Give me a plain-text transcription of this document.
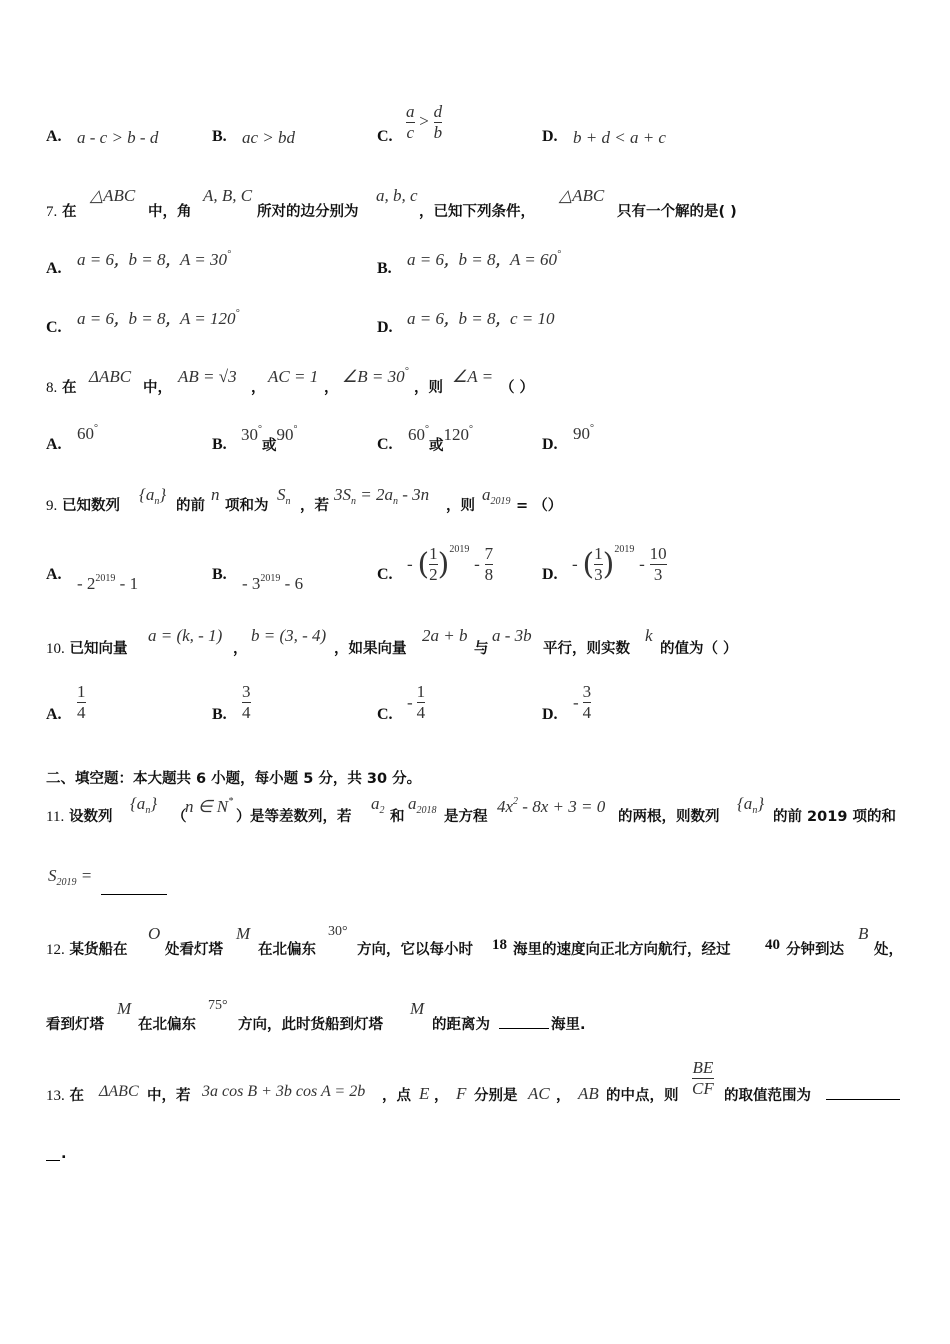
A. a - c > b - d	B. ac > bd	C. $\frac{a}{c} > \frac{d}{b}$	D. b + d < a + c
7. 在
△ABC
中，角
A, B, C
所对的边分别为
a, b, c
，已知下列条件，
△ABC
只有一个解的是( )
A. a = 6，b = 8，A = 30°
B. a = 6，b = 8，A = 60°
C. a = 6，b = 8，A = 120°
D. a = 6，b = 8，c = 10
8. 在
ΔABC
中，
AB = √3
，
AC = 1
，
∠B = 30°
，则
∠A =
（ ）
A.
60°
B.
30°或90°
C.
60°或120°
D.
90°
9. 已知数列
$\{a_n\}$
的前
n
项和为
$S_n$ ，若
$3S_n = 2a_n - 3n$
，则
$a_{2019}$ = （）
A. - $2^{2019} - 1$	B. - $3^{2019} - 6$	C.
- ( $\frac{1}{2} )^{2019} - \frac{7}{8}$	D.
- ( $\frac{1}{3} )^{2019} - \frac{10}{3}$
10. 已知向量
a = (k, - 1)
，
b = (3, - 4)
，如果向量
2a + b
与
a - 3b
平行，则实数
k
的值为（ ）
A. $\frac{1}{4}$	B. $\frac{3}{4}$	C.
- $\frac{1}{4}$	D.
- $\frac{3}{4}$
二、填空题：本大题共 6 小题，每小题 5 分，共 30 分。
11. 设数列
$\{a_n\}$
（
n ∈ N*
） 是等差数列，若
$a_2$ 和
$a_{2018}$ 是方程
$4x^2 - 8x + 3 = 0$
的两根，则数列
$\{a_n\}$
的前 2019 项的和
$S_{2019}$ =
12. 某货船在
O
处看灯塔
M
在北偏东
30°
方向，它以每小时 18 海里的速度向正北方向航行，经过 40 分钟到达
B
处，
看到灯塔
M
在北偏东
75°
方向，此时货船到灯塔
M
的距离为	海里.
13. 在 ΔABC 中，若 3a cos B + 3b cos A = 2b ，点 E ， F 分别是 AC ， AB 的中点，则 $\frac{BE}{CF}$ 的取值范围为
.
